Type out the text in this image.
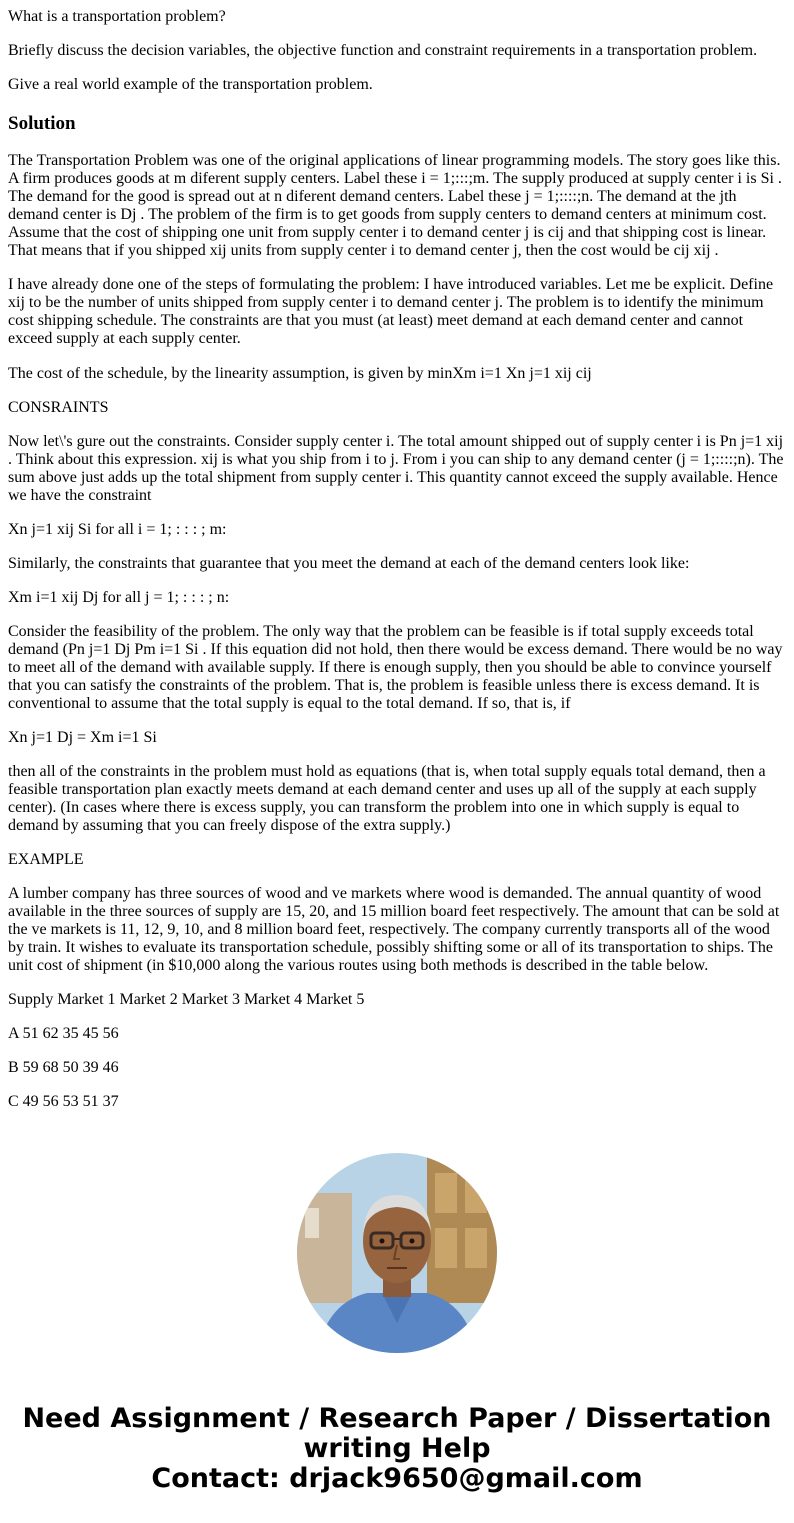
What is a transportation problem?

Briefly discuss the decision variables, the objective function and constraint requirements in a transportation problem.

Give a real world example of the transportation problem.

Solution

The Transportation Problem was one of the original applications of linear programming models. The story goes like this. A firm produces goods at m diferent supply centers. Label these i = 1;:::;m. The supply produced at supply center i is Si . The demand for the good is spread out at n diferent demand centers. Label these j = 1;::::;n. The demand at the jth demand center is Dj . The problem of the firm is to get goods from supply centers to demand centers at minimum cost. Assume that the cost of shipping one unit from supply center i to demand center j is cij and that shipping cost is linear. That means that if you shipped xij units from supply center i to demand center j, then the cost would be cij xij .

I have already done one of the steps of formulating the problem: I have introduced variables. Let me be explicit. Define xij to be the number of units shipped from supply center i to demand center j. The problem is to identify the minimum cost shipping schedule. The constraints are that you must (at least) meet demand at each demand center and cannot exceed supply at each supply center.

The cost of the schedule, by the linearity assumption, is given by minXm i=1 Xn j=1 xij cij

CONSRAINTS

Now let\'s gure out the constraints. Consider supply center i. The total amount shipped out of supply center i is Pn j=1 xij . Think about this expression. xij is what you ship from i to j. From i you can ship to any demand center (j = 1;::::;n). The sum above just adds up the total shipment from supply center i. This quantity cannot exceed the supply available. Hence we have the constraint

Xn j=1 xij Si for all i = 1; : : : ; m:

Similarly, the constraints that guarantee that you meet the demand at each of the demand centers look like:

Xm i=1 xij Dj for all j = 1; : : : ; n:

Consider the feasibility of the problem. The only way that the problem can be feasible is if total supply exceeds total demand (Pn j=1 Dj Pm i=1 Si . If this equation did not hold, then there would be excess demand. There would be no way to meet all of the demand with available supply. If there is enough supply, then you should be able to convince yourself that you can satisfy the constraints of the problem. That is, the problem is feasible unless there is excess demand. It is conventional to assume that the total supply is equal to the total demand. If so, that is, if

Xn j=1 Dj = Xm i=1 Si

then all of the constraints in the problem must hold as equations (that is, when total supply equals total demand, then a feasible transportation plan exactly meets demand at each demand center and uses up all of the supply at each supply center). (In cases where there is excess supply, you can transform the problem into one in which supply is equal to demand by assuming that you can freely dispose of the extra supply.)

EXAMPLE

A lumber company has three sources of wood and ve markets where wood is demanded. The annual quantity of wood available in the three sources of supply are 15, 20, and 15 million board feet respectively. The amount that can be sold at the ve markets is 11, 12, 9, 10, and 8 million board feet, respectively. The company currently transports all of the wood by train. It wishes to evaluate its transportation schedule, possibly shifting some or all of its transportation to ships. The unit cost of shipment (in $10,000 along the various routes using both methods is described in the table below.

Supply Market 1 Market 2 Market 3 Market 4 Market 5

A 51 62 35 45 56

B 59 68 50 39 46

C 49 56 53 51 37

Need Assignment / Research Paper / Dissertation
writing Help
Contact: drjack9650@gmail.com
